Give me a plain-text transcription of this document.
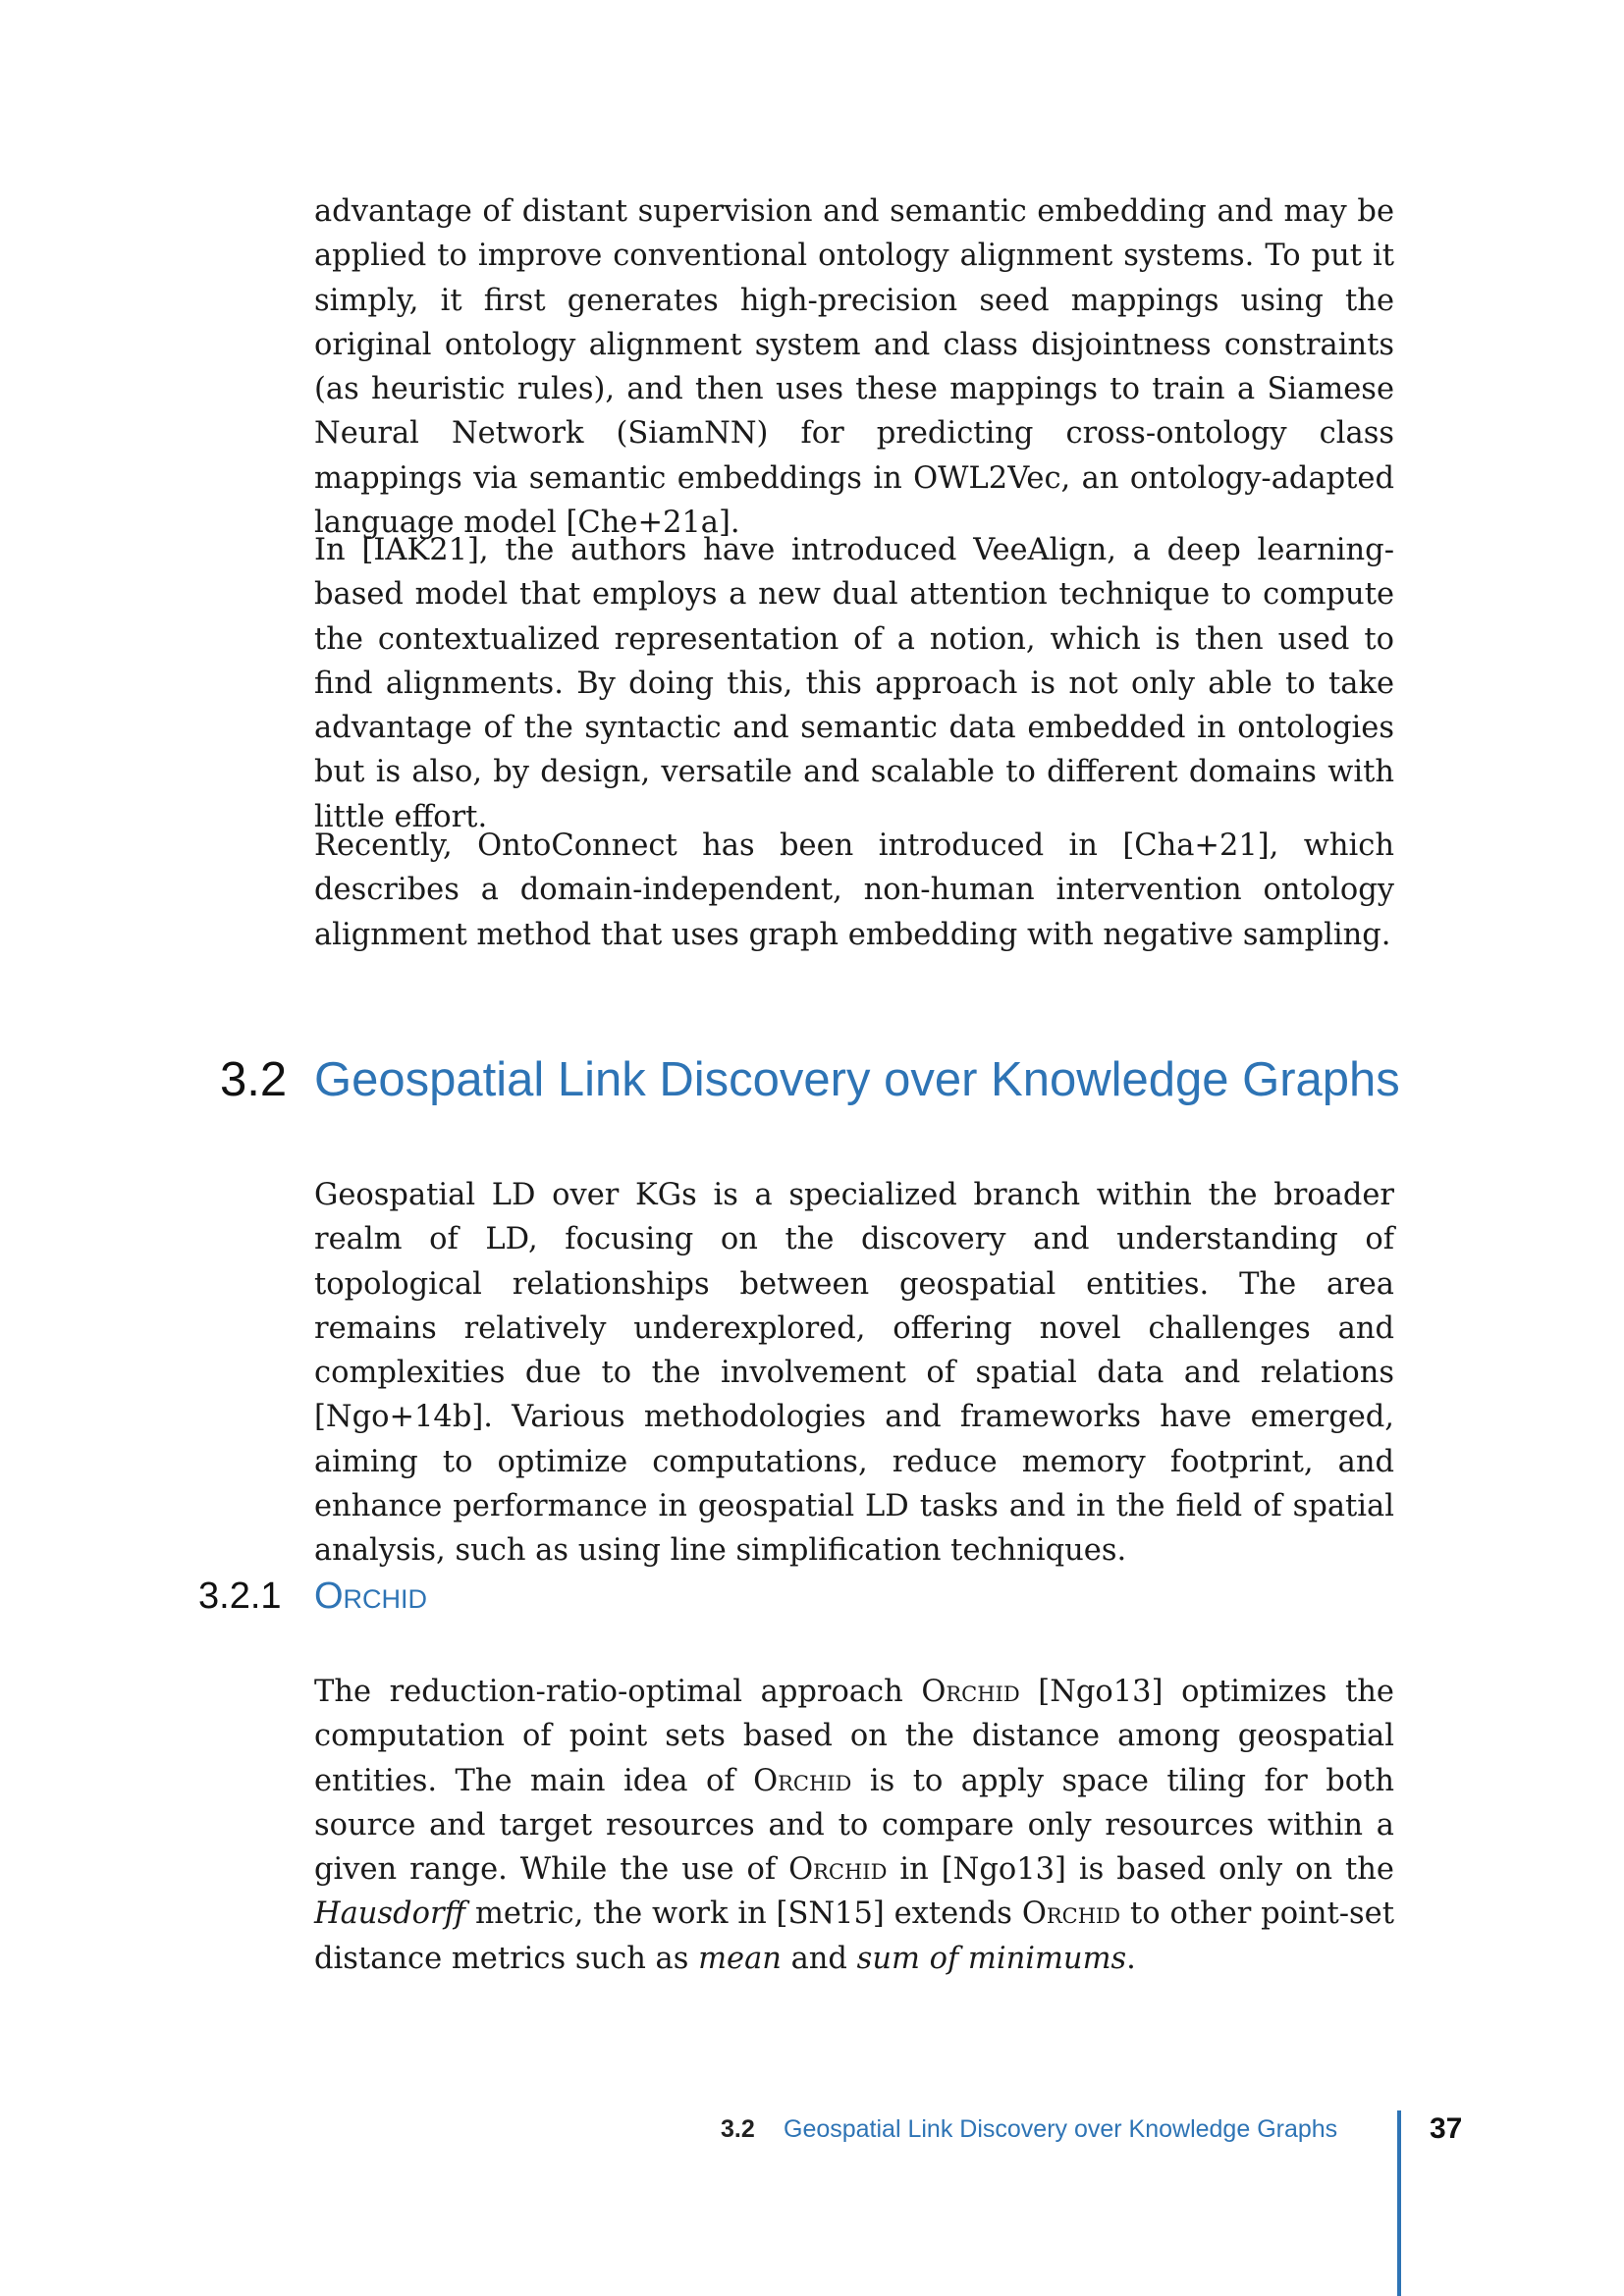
advantage of distant supervision and semantic embedding and may be applied to improve conventional ontology alignment systems. To put it simply, it first generates high-precision seed mappings using the original ontology alignment system and class disjointness constraints (as heuristic rules), and then uses these mappings to train a Siamese Neural Network (SiamNN) for predicting cross-ontology class mappings via semantic embeddings in OWL2Vec, an ontology-adapted language model [Che+21a].

In [IAK21], the authors have introduced VeeAlign, a deep learning-based model that employs a new dual attention technique to compute the contextualized representation of a notion, which is then used to find alignments. By doing this, this approach is not only able to take advantage of the syntactic and semantic data embedded in ontologies but is also, by design, versatile and scalable to different domains with little effort.

Recently, OntoConnect has been introduced in [Cha+21], which describes a domain-independent, non-human intervention ontology alignment method that uses graph embedding with negative sampling.

3.2 Geospatial Link Discovery over Knowledge Graphs

Geospatial LD over KGs is a specialized branch within the broader realm of LD, focusing on the discovery and understanding of topological relationships between geospatial entities. The area remains relatively underexplored, offering novel challenges and complexities due to the involvement of spatial data and relations [Ngo+14b]. Various methodologies and frameworks have emerged, aiming to optimize computations, reduce memory footprint, and enhance performance in geospatial LD tasks and in the field of spatial analysis, such as using line simplification techniques.

3.2.1 Orchid

The reduction-ratio-optimal approach Orchid [Ngo13] optimizes the computation of point sets based on the distance among geospatial entities. The main idea of Orchid is to apply space tiling for both source and target resources and to compare only resources within a given range. While the use of Orchid in [Ngo13] is based only on the Hausdorff metric, the work in [SN15] extends Orchid to other point-set distance metrics such as mean and sum of minimums.

3.2 Geospatial Link Discovery over Knowledge Graphs	37
